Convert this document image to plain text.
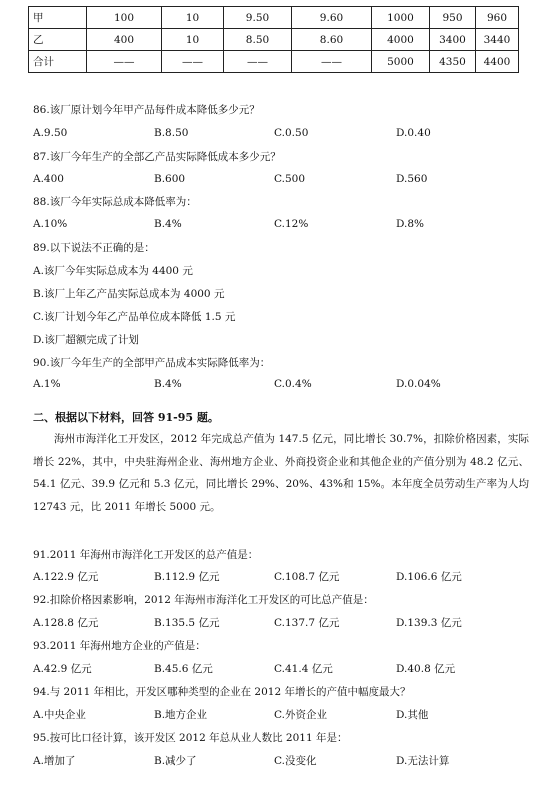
甲	100	10	9.50	9.60	1000	950	960
乙	400	10	8.50	8.60	4000	3400	3440
合计	——	——	——	——	5000	4350	4400
86.该厂原计划今年甲产品每件成本降低多少元？
A.9.50	B.8.50	C.0.50	D.0.40
87.该厂今年生产的全部乙产品实际降低成本多少元？
A.400	B.600	C.500	D.560
88.该厂今年实际总成本降低率为：
A.10%	B.4%	C.12%	D.8%
89.以下说法不正确的是：
A.该厂今年实际总成本为 4400 元
B.该厂上年乙产品实际总成本为 4000 元
C.该厂计划今年乙产品单位成本降低 1.5 元
D.该厂超额完成了计划
90.该厂今年生产的全部甲产品成本实际降低率为：
A.1%	B.4%	C.0.4%	D.0.04%
二、根据以下材料，回答 91-95 题。
海州市海洋化工开发区，2012 年完成总产值为 147.5 亿元，同比增长 30.7%，扣除价格因素，实际增长 22%，其中，中央驻海州企业、海州地方企业、外商投资企业和其他企业的产值分别为 48.2 亿元、54.1 亿元、39.9 亿元和 5.3 亿元，同比增长 29%、20%、43%和 15%。本年度全员劳动生产率为人均 12743 元，比 2011 年增长 5000 元。
91.2011 年海州市海洋化工开发区的总产值是：
A.122.9 亿元	B.112.9 亿元	C.108.7 亿元	D.106.6 亿元
92.扣除价格因素影响，2012 年海州市海洋化工开发区的可比总产值是：
A.128.8 亿元	B.135.5 亿元	C.137.7 亿元	D.139.3 亿元
93.2011 年海州地方企业的产值是：
A.42.9 亿元	B.45.6 亿元	C.41.4 亿元	D.40.8 亿元
94.与 2011 年相比，开发区哪种类型的企业在 2012 年增长的产值中幅度最大？
A.中央企业	B.地方企业	C.外资企业	D.其他
95.按可比口径计算，该开发区 2012 年总从业人数比 2011 年是：
A.增加了	B.减少了	C.没变化	D.无法计算
